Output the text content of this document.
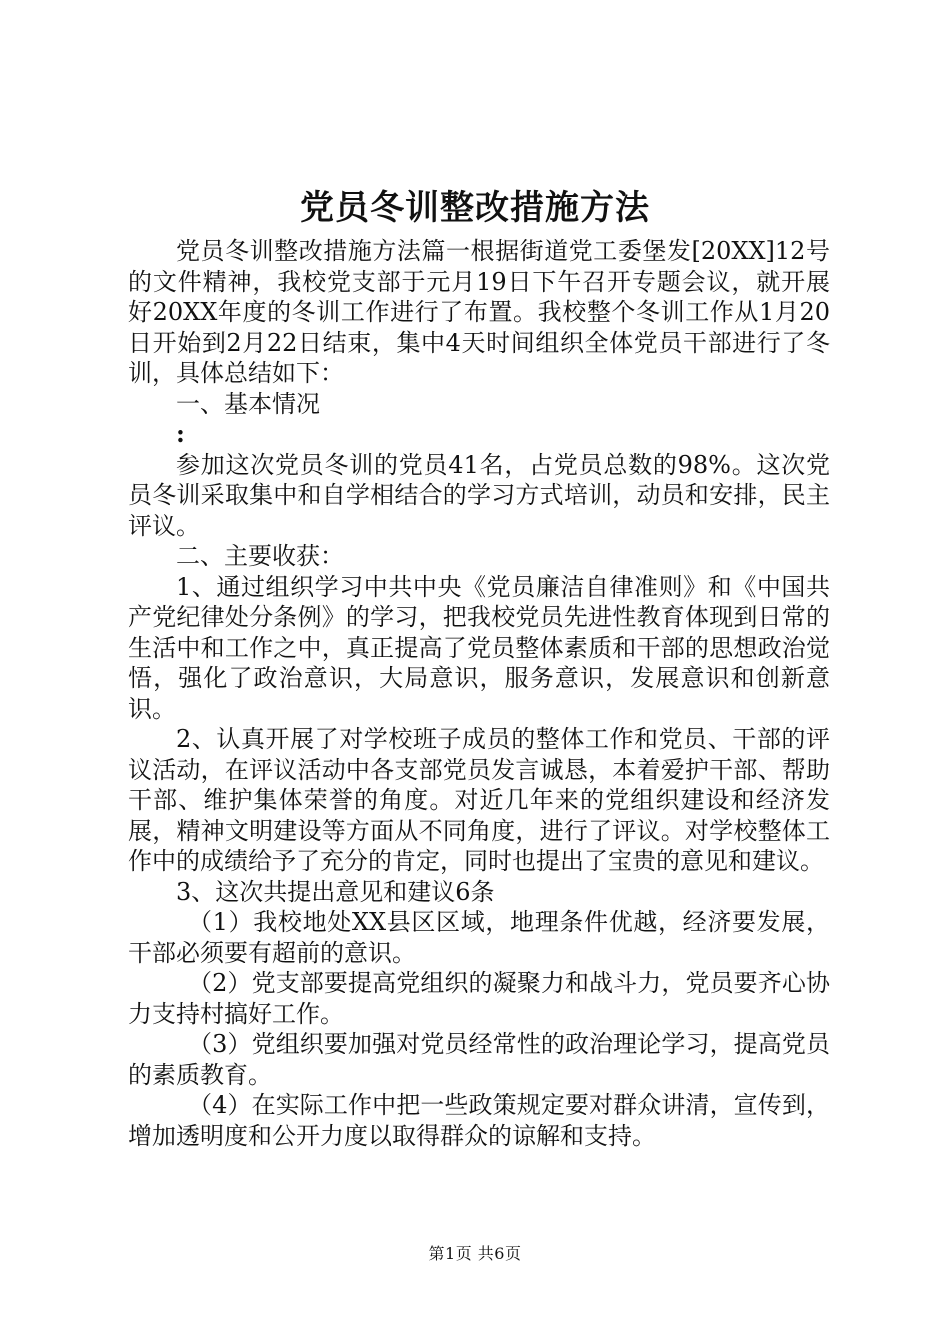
党员冬训整改措施方法

党员冬训整改措施方法篇一根据街道党工委堡发[20XX]12号的文件精神，我校党支部于元月19日下午召开专题会议，就开展好20XX年度的冬训工作进行了布置。我校整个冬训工作从1月20日开始到2月22日结束，集中4天时间组织全体党员干部进行了冬训，具体总结如下：

一、基本情况

:

参加这次党员冬训的党员41名，占党员总数的98%。这次党员冬训采取集中和自学相结合的学习方式培训，动员和安排，民主评议。

二、主要收获：

1、通过组织学习中共中央《党员廉洁自律准则》和《中国共产党纪律处分条例》的学习，把我校党员先进性教育体现到日常的生活中和工作之中，真正提高了党员整体素质和干部的思想政治觉悟，强化了政治意识，大局意识，服务意识，发展意识和创新意识。

2、认真开展了对学校班子成员的整体工作和党员、干部的评议活动，在评议活动中各支部党员发言诚恳，本着爱护干部、帮助干部、维护集体荣誉的角度。对近几年来的党组织建设和经济发展，精神文明建设等方面从不同角度，进行了评议。对学校整体工作中的成绩给予了充分的肯定，同时也提出了宝贵的意见和建议。

3、这次共提出意见和建议6条

（1）我校地处XX县区区域，地理条件优越，经济要发展，干部必须要有超前的意识。

（2）党支部要提高党组织的凝聚力和战斗力，党员要齐心协力支持村搞好工作。

（3）党组织要加强对党员经常性的政治理论学习，提高党员的素质教育。

（4）在实际工作中把一些政策规定要对群众讲清，宣传到，增加透明度和公开力度以取得群众的谅解和支持。

第1页 共6页
